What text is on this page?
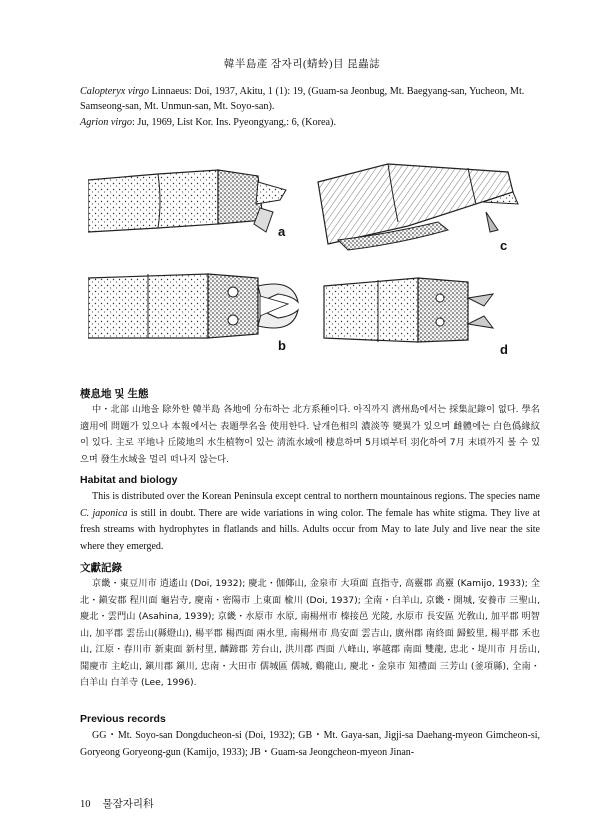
韓半島產 잠자리(蜻蛉)目 昆蟲誌
Calopteryx virgo Linnaeus: Doi, 1937, Akitu, 1 (1): 19, (Guam-sa Jeonbug, Mt. Baegyang-san, Yucheon, Mt. Samseong-san, Mt. Unmun-san, Mt. Soyo-san).
Agrion virgo: Ju, 1969, List Kor. Ins. Pyeongyang,: 6, (Korea).
a
c
b	d
棲息地 및 生態
中・北部 山地을 除外한 韓半島 各地에 分布하는 北方系種이다. 아직까지 濟州島에서는 採集記錄이 없다. 學名適用에 問題가 있으나 本報에서는 表題學名을 使用한다. 날개色相의 濃淡等 變異가 있으며 雌體에는 白色僞緣紋이 있다. 主로 平地나 丘陵地의 水生植物이 있는 淸流水域에 棲息하며 5月頃부터 羽化하여 7月 末頃까지 볼 수 있으며 發生水域을 멀리 떠나지 않는다.
Habitat and biology
This is distributed over the Korean Peninsula except central to northern mountainous regions. The species name C. japonica is still in doubt. There are wide variations in wing color. The female has white stigma. They live at fresh streams with hydrophytes in flatlands and hills. Adults occur from May to late July and live near the site where they emerged.
文獻記錄
京畿・東豆川市 逍遙山 (Doi, 1932); 慶北・伽倻山, 金泉市 大項面 直指寺, 高靈郡 高靈 (Kamijo, 1933); 全北・鎭安郡 程川面 龜岩寺, 慶南・密陽市 上東面 楡川 (Doi, 1937); 全南・白羊山, 京畿・開城, 安養市 三聖山, 慶北・雲門山 (Asahina, 1939); 京畿・水原市 水原, 南楊州市 榛接邑 光陵, 水原市 長安區 光敎山, 加平郡 明智山, 加平郡 雲岳山(縣燈山), 楊平郡 楊西面 兩水里, 南楊州市 鳥安面 雲吉山, 廣州郡 南終面 歸鮫里, 楊平郡 禾也山, 江原・春川市 新東面 新村里, 麟蹄郡 芳台山, 洪川郡 西面 八峰山, 寧越郡 南面 雙龍, 忠北・堤川市 月岳山, 聞慶市 主屹山, 鎭川郡 鎭川, 忠南・大田市 儒城區 儒城, 鷄龍山, 慶北・金泉市 知禮面 三芳山 (釜項縣), 全南・白羊山 白羊寺 (Lee, 1996).
Previous records
GG・Mt. Soyo-san Dongducheon-si (Doi, 1932); GB・Mt. Gaya-san, Jigji-sa Daehang-myeon Gimcheon-si, Goryeong Goryeong-gun (Kamijo, 1933); JB・Guam-sa Jeongcheon-myeon Jinan-
10 물잠자리科
